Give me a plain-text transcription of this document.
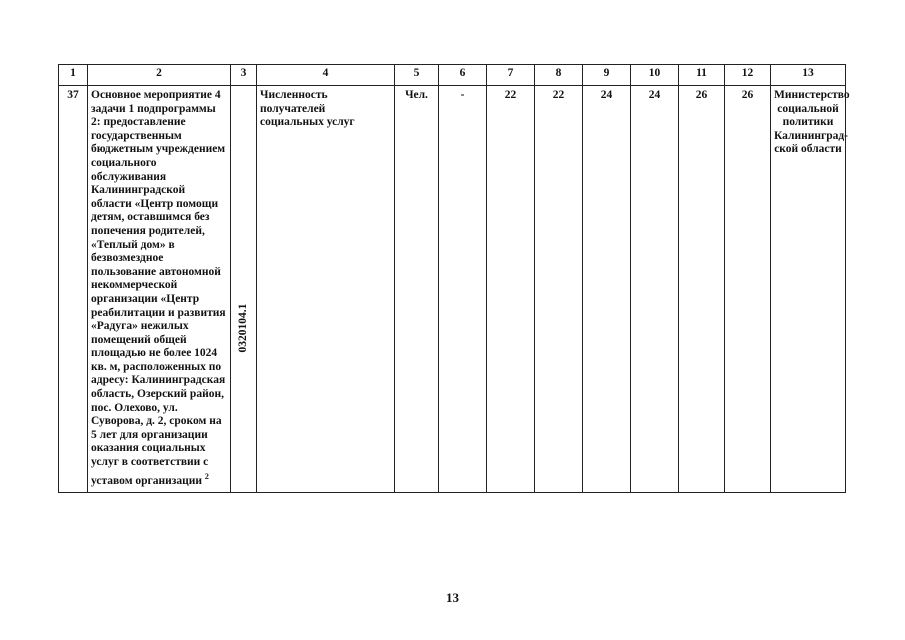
1	2	3	4	5	6	7	8	9	10	11	12	13
37	Основное мероприятие 4 задачи 1 подпрограммы 2: предоставление государственным бюджетным учреждением социального обслуживания Калининградской области «Центр помощи детям, оставшимся без попечения родителей, «Теплый дом» в безвозмездное пользование автономной некоммерческой организации «Центр реабилитации и развития «Радуга» нежилых помещений общей площадью не более 1024 кв. м, расположенных по адресу: Калининградская область, Озерский район, пос. Олехово, ул. Суворова, д. 2, сроком на 5 лет для организации оказания социальных услуг в соответствии с уставом организации $^2$	0320104.1	Численность получателей социальных услуг	Чел.	-	22	22	24	24	26	26	Министерство социальной политики Калининград-ской области
13
